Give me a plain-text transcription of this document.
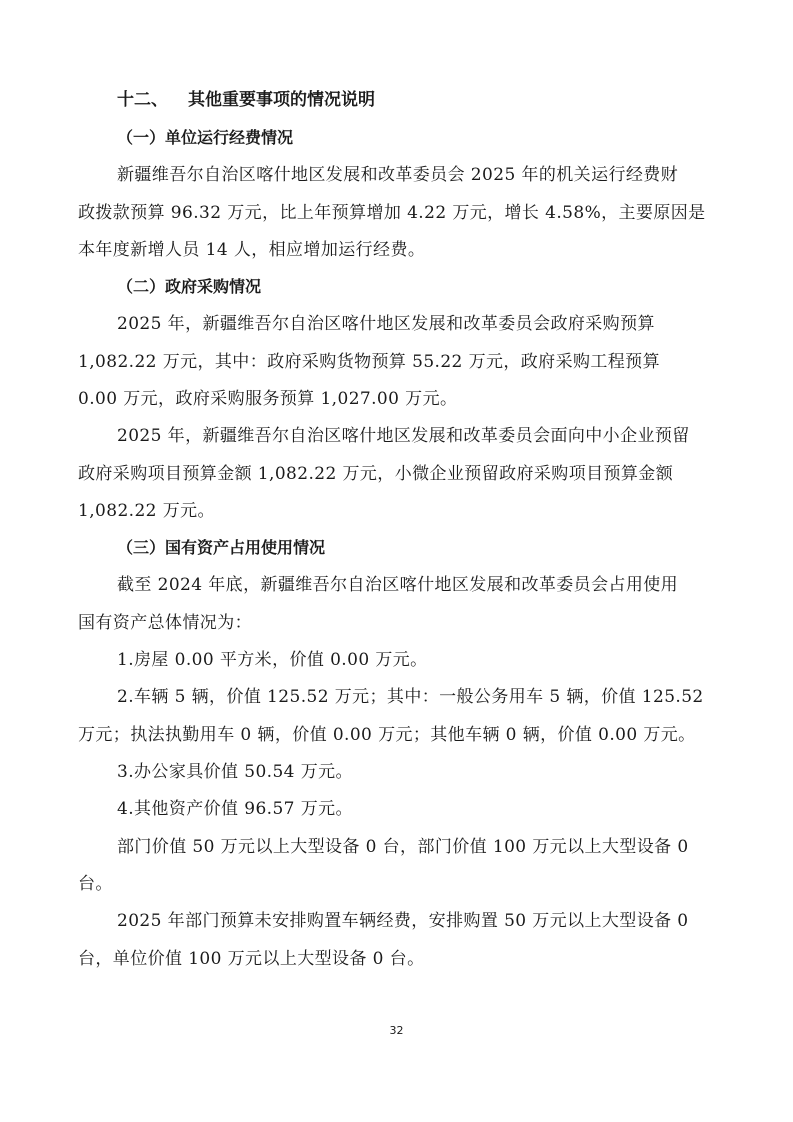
十二、 其他重要事项的情况说明
（一）单位运行经费情况
新疆维吾尔自治区喀什地区发展和改革委员会 2025 年的机关运行经费财
政拨款预算 96.32 万元，比上年预算增加 4.22 万元，增长 4.58%，主要原因是
本年度新增人员 14 人，相应增加运行经费。
（二）政府采购情况
2025 年，新疆维吾尔自治区喀什地区发展和改革委员会政府采购预算
1,082.22 万元，其中：政府采购货物预算 55.22 万元，政府采购工程预算
0.00 万元，政府采购服务预算 1,027.00 万元。
2025 年，新疆维吾尔自治区喀什地区发展和改革委员会面向中小企业预留
政府采购项目预算金额 1,082.22 万元，小微企业预留政府采购项目预算金额
1,082.22 万元。
（三）国有资产占用使用情况
截至 2024 年底，新疆维吾尔自治区喀什地区发展和改革委员会占用使用
国有资产总体情况为：
1.房屋 0.00 平方米，价值 0.00 万元。
2.车辆 5 辆，价值 125.52 万元；其中：一般公务用车 5 辆，价值 125.52
万元；执法执勤用车 0 辆，价值 0.00 万元；其他车辆 0 辆，价值 0.00 万元。
3.办公家具价值 50.54 万元。
4.其他资产价值 96.57 万元。
部门价值 50 万元以上大型设备 0 台，部门价值 100 万元以上大型设备 0
台。
2025 年部门预算未安排购置车辆经费，安排购置 50 万元以上大型设备 0
台，单位价值 100 万元以上大型设备 0 台。
32
